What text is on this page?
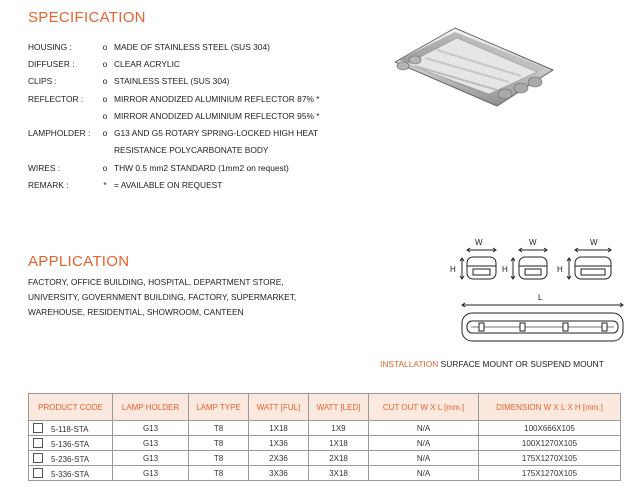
SPECIFICATION
HOUSING :	o MADE OF STAINLESS STEEL (SUS 304)
DIFFUSER :	o CLEAR ACRYLIC
CLIPS :	o STAINLESS STEEL (SUS 304)
REFLECTOR :	o MIRROR ANODIZED ALUMINIUM REFLECTOR 87% *
o MIRROR ANODIZED ALUMINIUM REFLECTOR 95% *
LAMPHOLDER :	o G13 AND G5 ROTARY SPRING-LOCKED HIGH HEAT
RESISTANCE POLYCARBONATE BODY
WIRES :	o THW 0.5 mm2 STANDARD (1mm2 on request)
REMARK :	* = AVAILABLE ON REQUEST
APPLICATION
FACTORY, OFFICE BUILDING, HOSPITAL, DEPARTMENT STORE,
UNIVERSITY, GOVERNMENT BUILDING, FACTORY, SUPERMARKET,
WAREHOUSE, RESIDENTIAL, SHOWROOM, CANTEEN
W	W	W
H	H	H
L
INSTALLATION SURFACE MOUNT OR SUSPEND MOUNT
PRODUCT CODE	LAMP HOLDER	LAMP TYPE	WATT [FUL]	WATT [LED]	CUT OUT W X L [mm.]	DIMENSION W X L X H [mm.]
5-118-STA	G13	T8	1X18	1X9	N/A	100X666X105
5-136-STA	G13	T8	1X36	1X18	N/A	100X1270X105
5-236-STA	G13	T8	2X36	2X18	N/A	175X1270X105
5-336-STA	G13	T8	3X36	3X18	N/A	175X1270X105
